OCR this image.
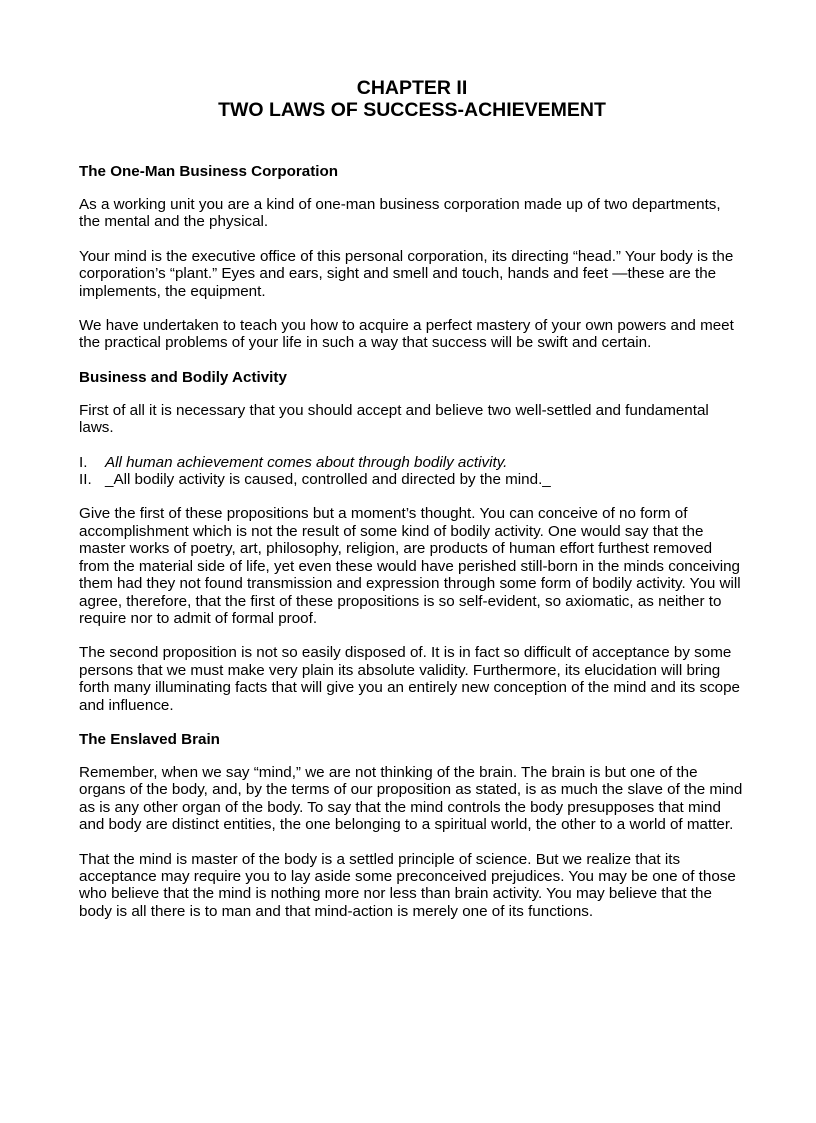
CHAPTER II
TWO LAWS OF SUCCESS-ACHIEVEMENT
The One-Man Business Corporation

As a working unit you are a kind of one-man business corporation made up of two departments, the mental and the physical.

Your mind is the executive office of this personal corporation, its directing “head.” Your body is the corporation’s “plant.” Eyes and ears, sight and smell and touch, hands and feet —these are the implements, the equipment.

We have undertaken to teach you how to acquire a perfect mastery of your own powers and meet the practical problems of your life in such a way that success will be swift and certain.

Business and Bodily Activity

First of all it is necessary that you should accept and believe two well-settled and fundamental laws.

I.	All human achievement comes about through bodily activity.
II. _All bodily activity is caused, controlled and directed by the mind._

Give the first of these propositions but a moment’s thought. You can conceive of no form of accomplishment which is not the result of some kind of bodily activity. One would say that the master works of poetry, art, philosophy, religion, are products of human effort furthest removed from the material side of life, yet even these would have perished still-born in the minds conceiving them had they not found transmission and expression through some form of bodily activity. You will agree, therefore, that the first of these propositions is so self-evident, so axiomatic, as neither to require nor to admit of formal proof.

The second proposition is not so easily disposed of. It is in fact so difficult of acceptance by some persons that we must make very plain its absolute validity. Furthermore, its elucidation will bring forth many illuminating facts that will give you an entirely new conception of the mind and its scope and influence.

The Enslaved Brain

Remember, when we say “mind,” we are not thinking of the brain. The brain is but one of the organs of the body, and, by the terms of our proposition as stated, is as much the slave of the mind as is any other organ of the body. To say that the mind controls the body presupposes that mind and body are distinct entities, the one belonging to a spiritual world, the other to a world of matter.

That the mind is master of the body is a settled principle of science. But we realize that its acceptance may require you to lay aside some preconceived prejudices. You may be one of those who believe that the mind is nothing more nor less than brain activity. You may believe that the body is all there is to man and that mind-action is merely one of its functions.
